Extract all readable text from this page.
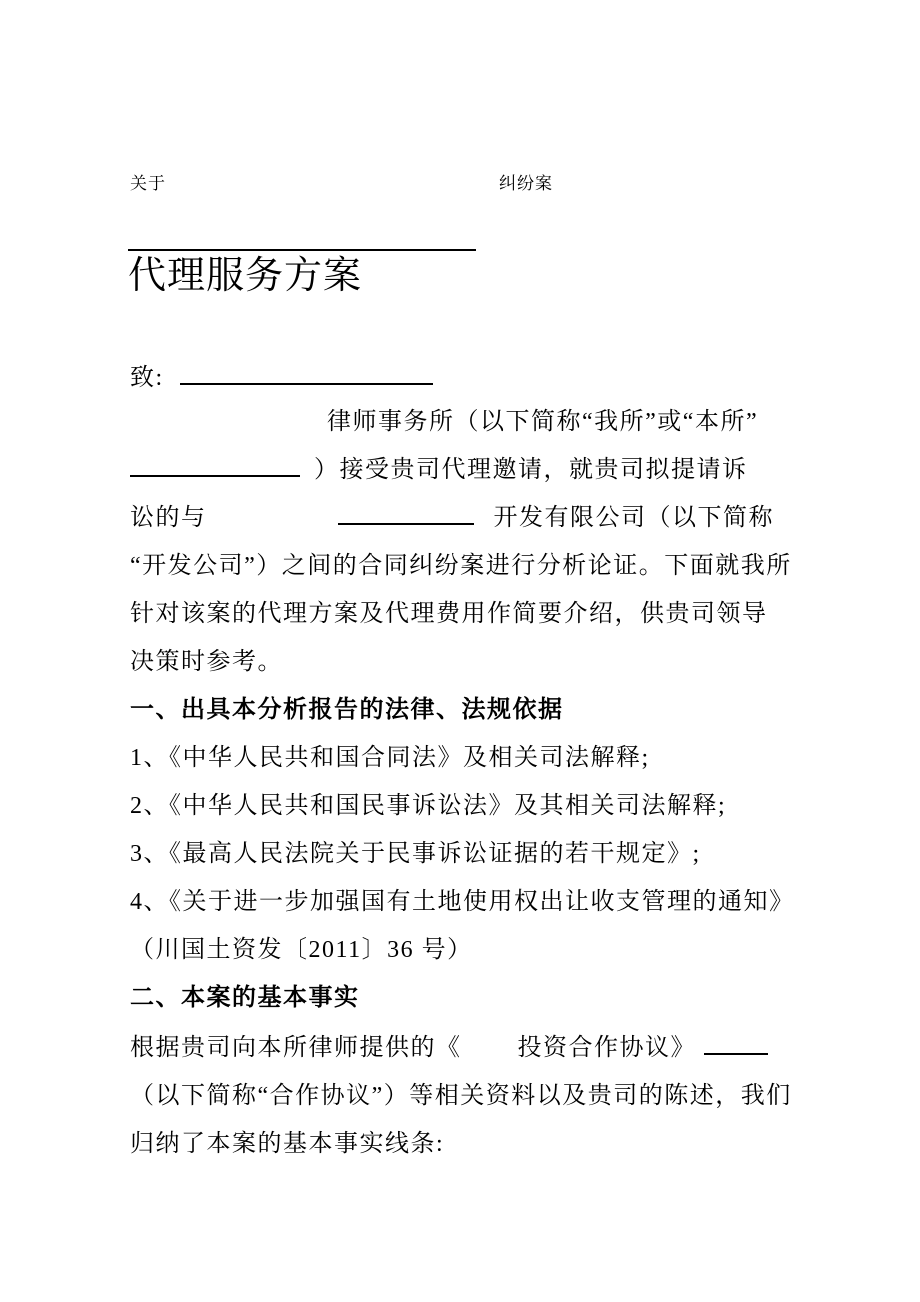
关于	纠纷案
代理服务方案
致:
律师事务所（以下简称“我所”或“本所”
）接受贵司代理邀请，就贵司拟提请诉
讼的与	开发有限公司（以下简称
“开发公司”）之间的合同纠纷案进行分析论证。下面就我所
针对该案的代理方案及代理费用作简要介绍，供贵司领导
决策时参考。
一、出具本分析报告的法律、法规依据
1、《中华人民共和国合同法》及相关司法解释;
2、《中华人民共和国民事诉讼法》及其相关司法解释;
3、《最高人民法院关于民事诉讼证据的若干规定》;
4、《关于进一步加强国有土地使用权出让收支管理的通知》
（川国土资发〔2011〕36 号）
二、本案的基本事实
根据贵司向本所律师提供的《 投资合作协议》
（以下简称“合作协议”）等相关资料以及贵司的陈述，我们
归纳了本案的基本事实线条:
